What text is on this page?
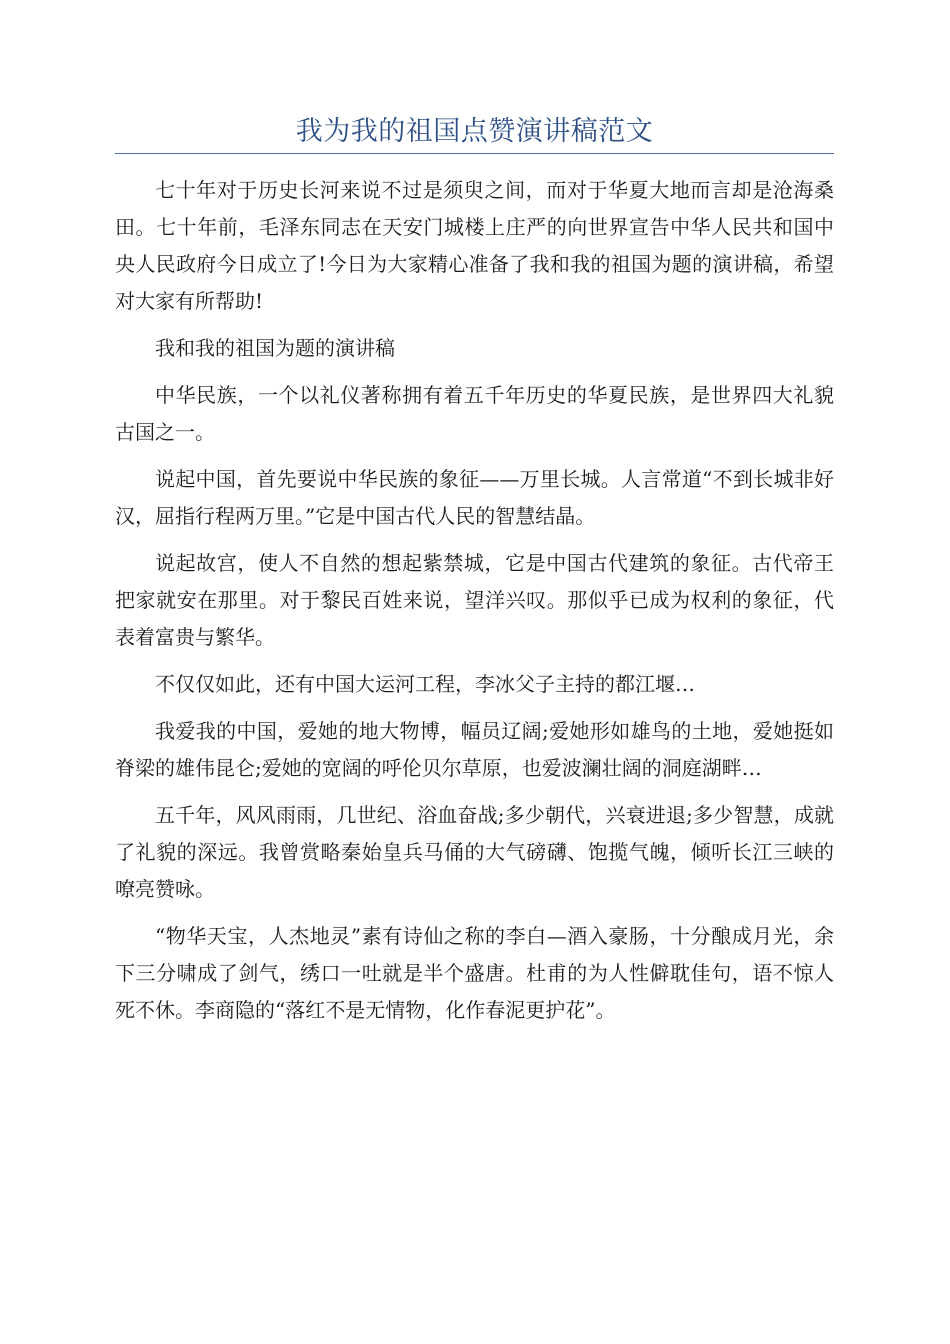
我为我的祖国点赞演讲稿范文

七十年对于历史长河来说不过是须臾之间，而对于华夏大地而言却是沧海桑田。七十年前，毛泽东同志在天安门城楼上庄严的向世界宣告中华人民共和国中央人民政府今日成立了!今日为大家精心准备了我和我的祖国为题的演讲稿，希望对大家有所帮助!

我和我的祖国为题的演讲稿

中华民族，一个以礼仪著称拥有着五千年历史的华夏民族，是世界四大礼貌古国之一。

说起中国，首先要说中华民族的象征——万里长城。人言常道“不到长城非好汉，屈指行程两万里。”它是中国古代人民的智慧结晶。

说起故宫，使人不自然的想起紫禁城，它是中国古代建筑的象征。古代帝王把家就安在那里。对于黎民百姓来说，望洋兴叹。那似乎已成为权利的象征，代表着富贵与繁华。

不仅仅如此，还有中国大运河工程，李冰父子主持的都江堰…

我爱我的中国，爱她的地大物博，幅员辽阔;爱她形如雄鸟的土地，爱她挺如脊梁的雄伟昆仑;爱她的宽阔的呼伦贝尔草原，也爱波澜壮阔的洞庭湖畔…

五千年，风风雨雨，几世纪、浴血奋战;多少朝代，兴衰进退;多少智慧，成就了礼貌的深远。我曾赏略秦始皇兵马俑的大气磅礴、饱揽气魄，倾听长江三峡的嘹亮赞咏。

“物华天宝，人杰地灵”素有诗仙之称的李白—酒入豪肠，十分酿成月光，余下三分啸成了剑气，绣口一吐就是半个盛唐。杜甫的为人性僻耽佳句，语不惊人死不休。李商隐的“落红不是无情物，化作春泥更护花”。
